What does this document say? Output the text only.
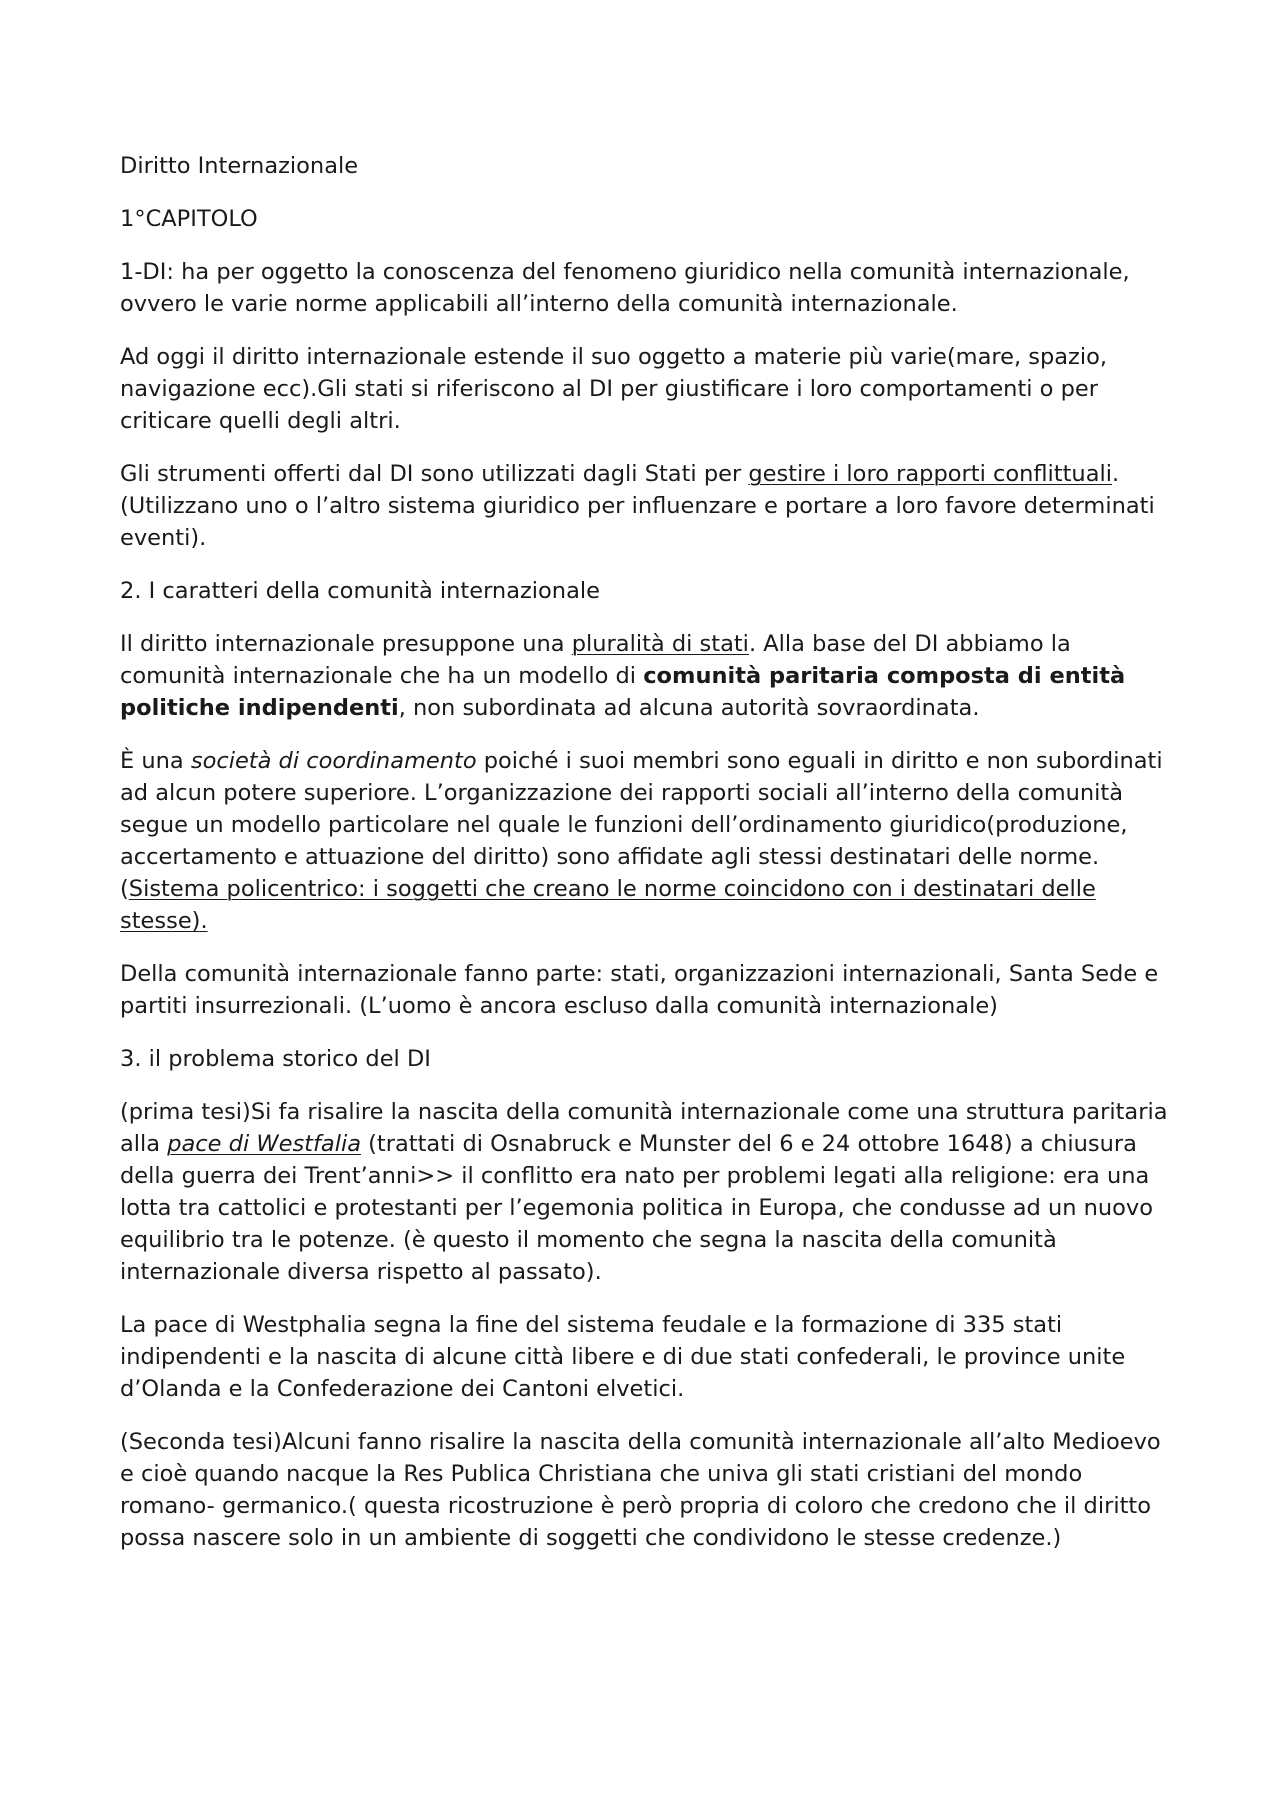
Diritto Internazionale

1°CAPITOLO

1-DI: ha per oggetto la conoscenza del fenomeno giuridico nella comunità internazionale, ovvero le varie norme applicabili all’interno della comunità internazionale.

Ad oggi il diritto internazionale estende il suo oggetto a materie più varie(mare, spazio, navigazione ecc).Gli stati si riferiscono al DI per giustificare i loro comportamenti o per criticare quelli degli altri.

Gli strumenti offerti dal DI sono utilizzati dagli Stati per gestire i loro rapporti conflittuali. (Utilizzano uno o l’altro sistema giuridico per influenzare e portare a loro favore determinati eventi).

2. I caratteri della comunità internazionale

Il diritto internazionale presuppone una pluralità di stati. Alla base del DI abbiamo la comunità internazionale che ha un modello di comunità paritaria composta di entità politiche indipendenti, non subordinata ad alcuna autorità sovraordinata.

È una società di coordinamento poiché i suoi membri sono eguali in diritto e non subordinati ad alcun potere superiore. L’organizzazione dei rapporti sociali all’interno della comunità segue un modello particolare nel quale le funzioni dell’ordinamento giuridico(produzione, accertamento e attuazione del diritto) sono affidate agli stessi destinatari delle norme. (Sistema policentrico: i soggetti che creano le norme coincidono con i destinatari delle stesse).

Della comunità internazionale fanno parte: stati, organizzazioni internazionali, Santa Sede e partiti insurrezionali. (L’uomo è ancora escluso dalla comunità internazionale)

3. il problema storico del DI

(prima tesi)Si fa risalire la nascita della comunità internazionale come una struttura paritaria alla pace di Westfalia (trattati di Osnabruck e Munster del 6 e 24 ottobre 1648) a chiusura della guerra dei Trent’anni>> il conflitto era nato per problemi legati alla religione: era una lotta tra cattolici e protestanti per l’egemonia politica in Europa, che condusse ad un nuovo equilibrio tra le potenze. (è questo il momento che segna la nascita della comunità internazionale diversa rispetto al passato).

La pace di Westphalia segna la fine del sistema feudale e la formazione di 335 stati indipendenti e la nascita di alcune città libere e di due stati confederali, le province unite d’Olanda e la Confederazione dei Cantoni elvetici.

(Seconda tesi)Alcuni fanno risalire la nascita della comunità internazionale all’alto Medioevo e cioè quando nacque la Res Publica Christiana che univa gli stati cristiani del mondo romano- germanico.( questa ricostruzione è però propria di coloro che credono che il diritto possa nascere solo in un ambiente di soggetti che condividono le stesse credenze.)
